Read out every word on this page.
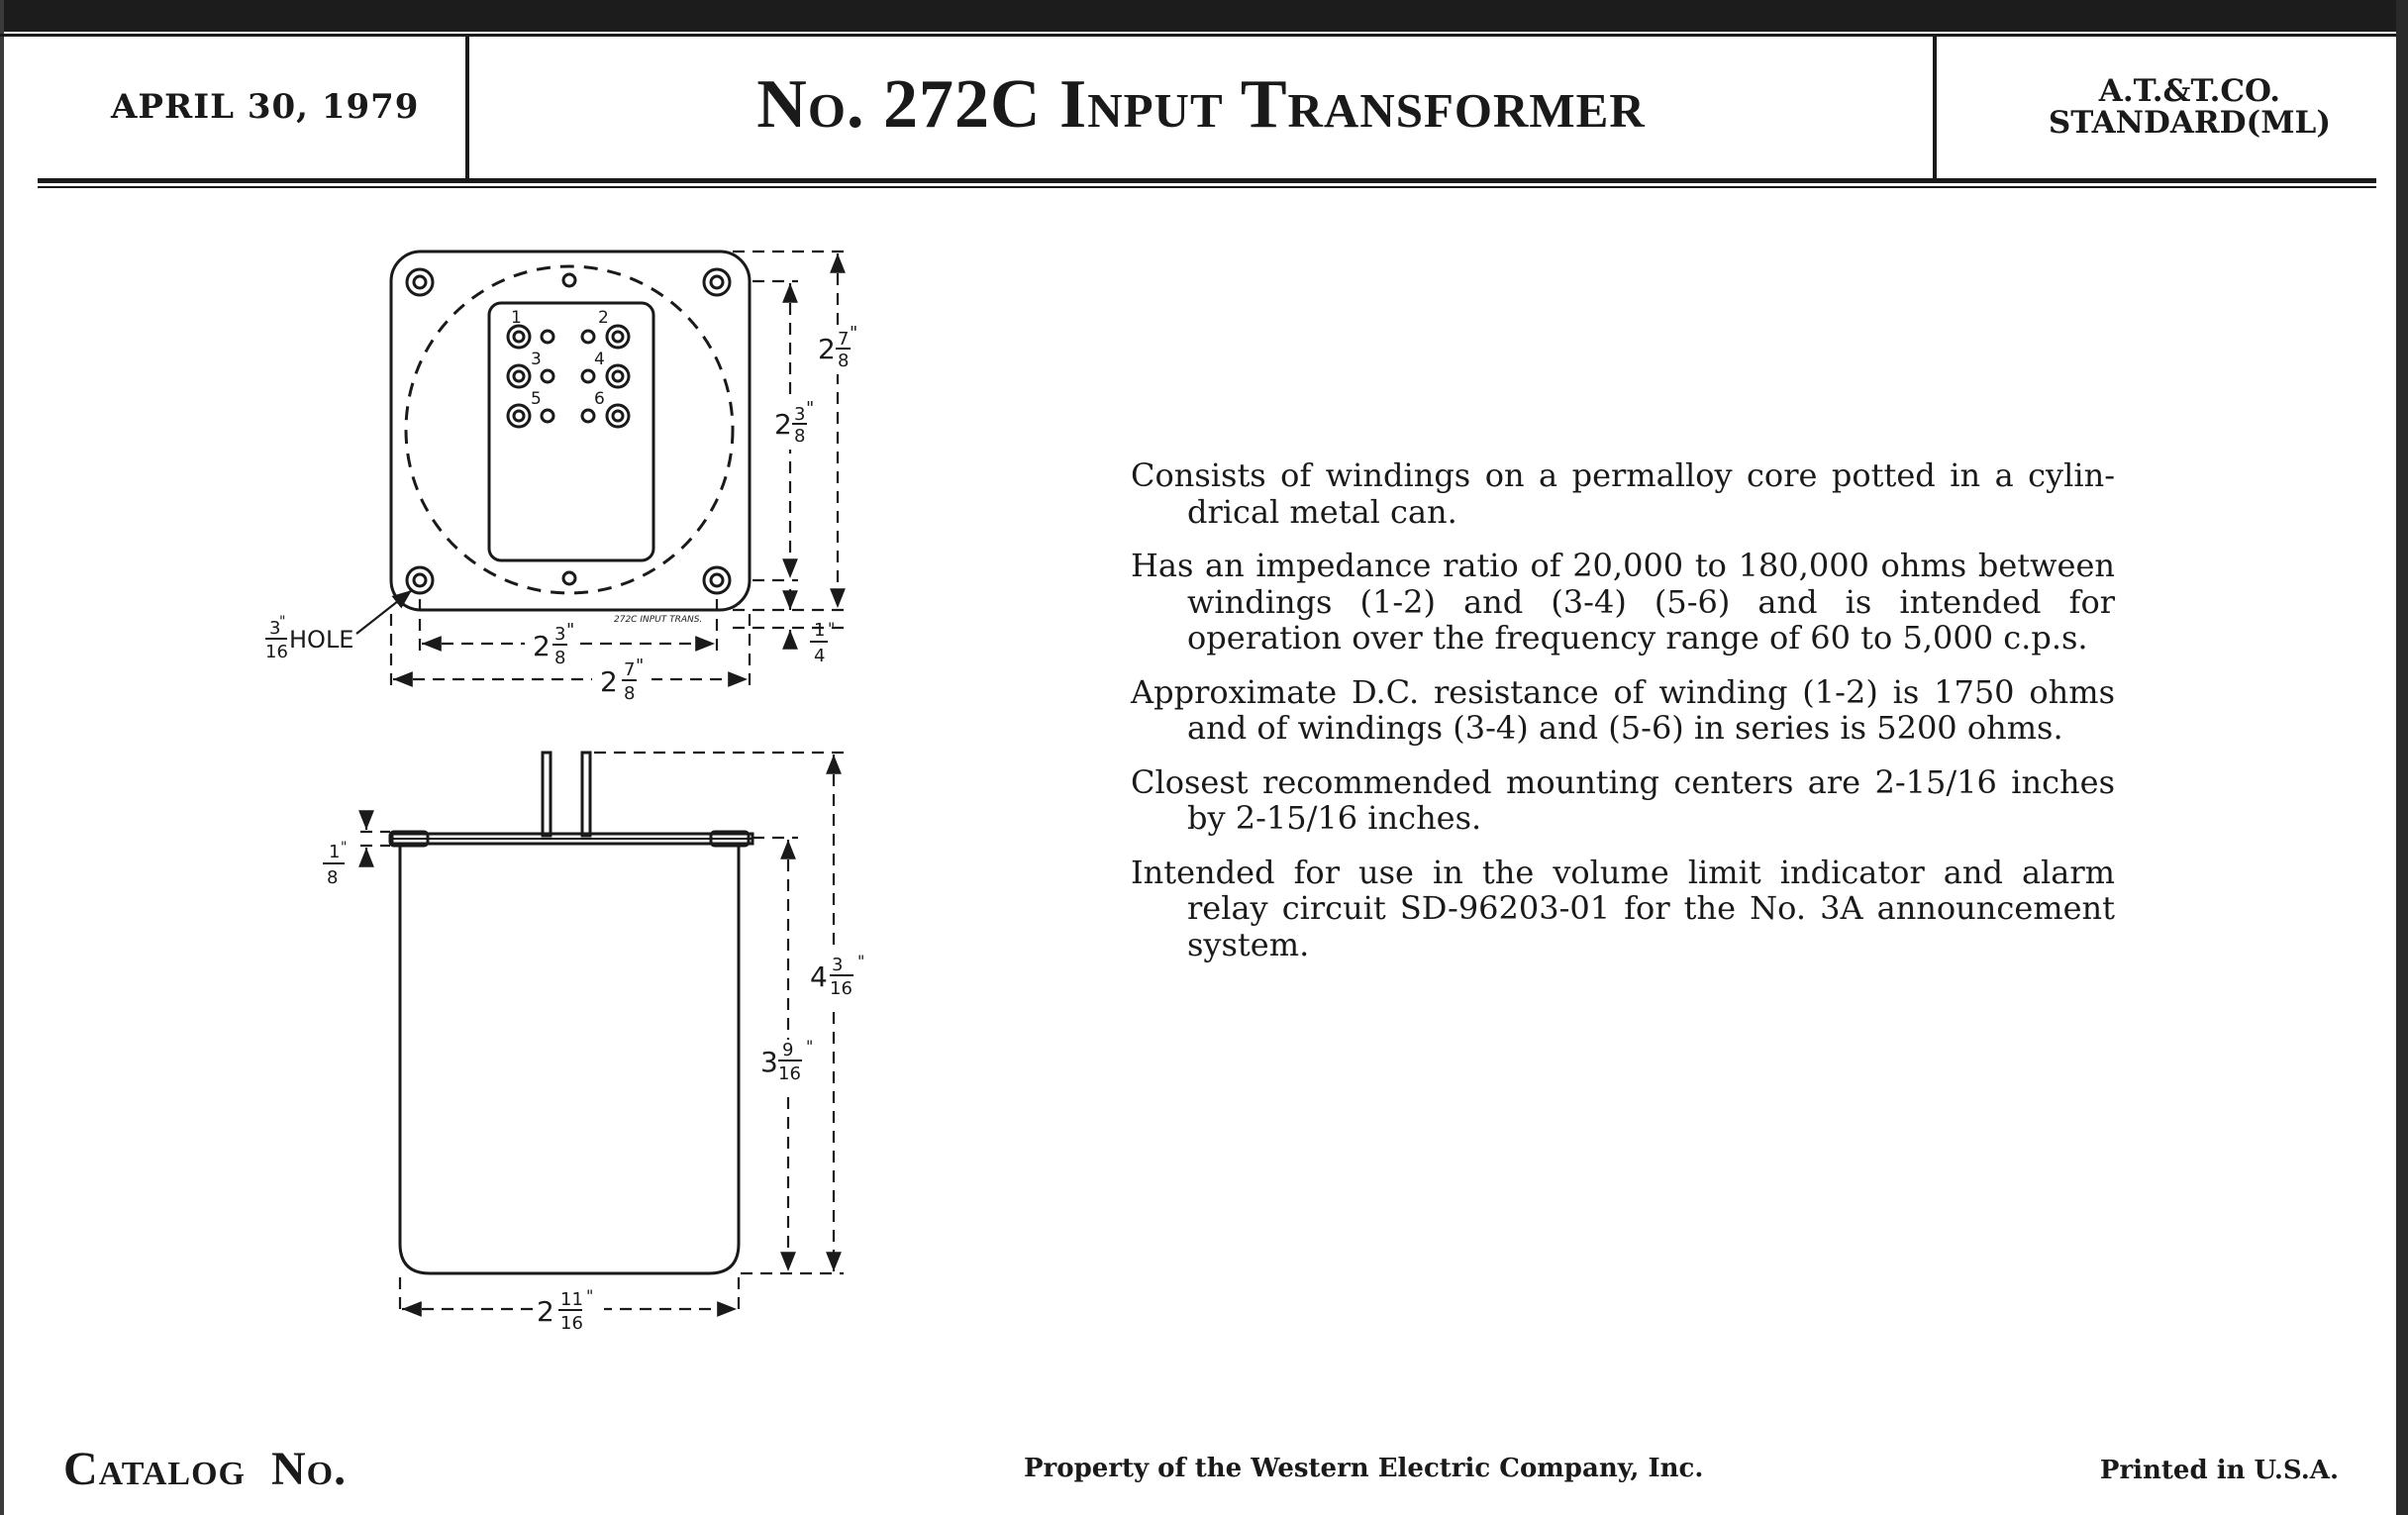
APRIL 30, 1979	No. 272C Input Transformer	A.T.&T.CO.
STANDARD(ML)
2 3
8
"
2 7
8
"
2 3
8
"
2 7
8
"
1
4
"
3
"
16 HOLE
1	2
3	4
5	6
272C INPUT TRANS.
4 3
16
"
3 9
16
"
2 11
16
"
1 "
8

Consists of windings on a permalloy core potted in a cylin- drical metal can.

Has an impedance ratio of 20,000 to 180,000 ohms between windings (1-2) and (3-4) (5-6) and is intended for operation over the frequency range of 60 to 5,000 c.p.s.

Approximate D.C. resistance of winding (1-2) is 1750 ohms and of windings (3-4) and (5-6) in series is 5200 ohms.

Closest recommended mounting centers are 2-15/16 inches by 2-15/16 inches.

Intended for use in the volume limit indicator and alarm relay circuit SD-96203-01 for the No. 3A announcement system.

Catalog No.	Property of the Western Electric Company, Inc.	Printed in U.S.A.
